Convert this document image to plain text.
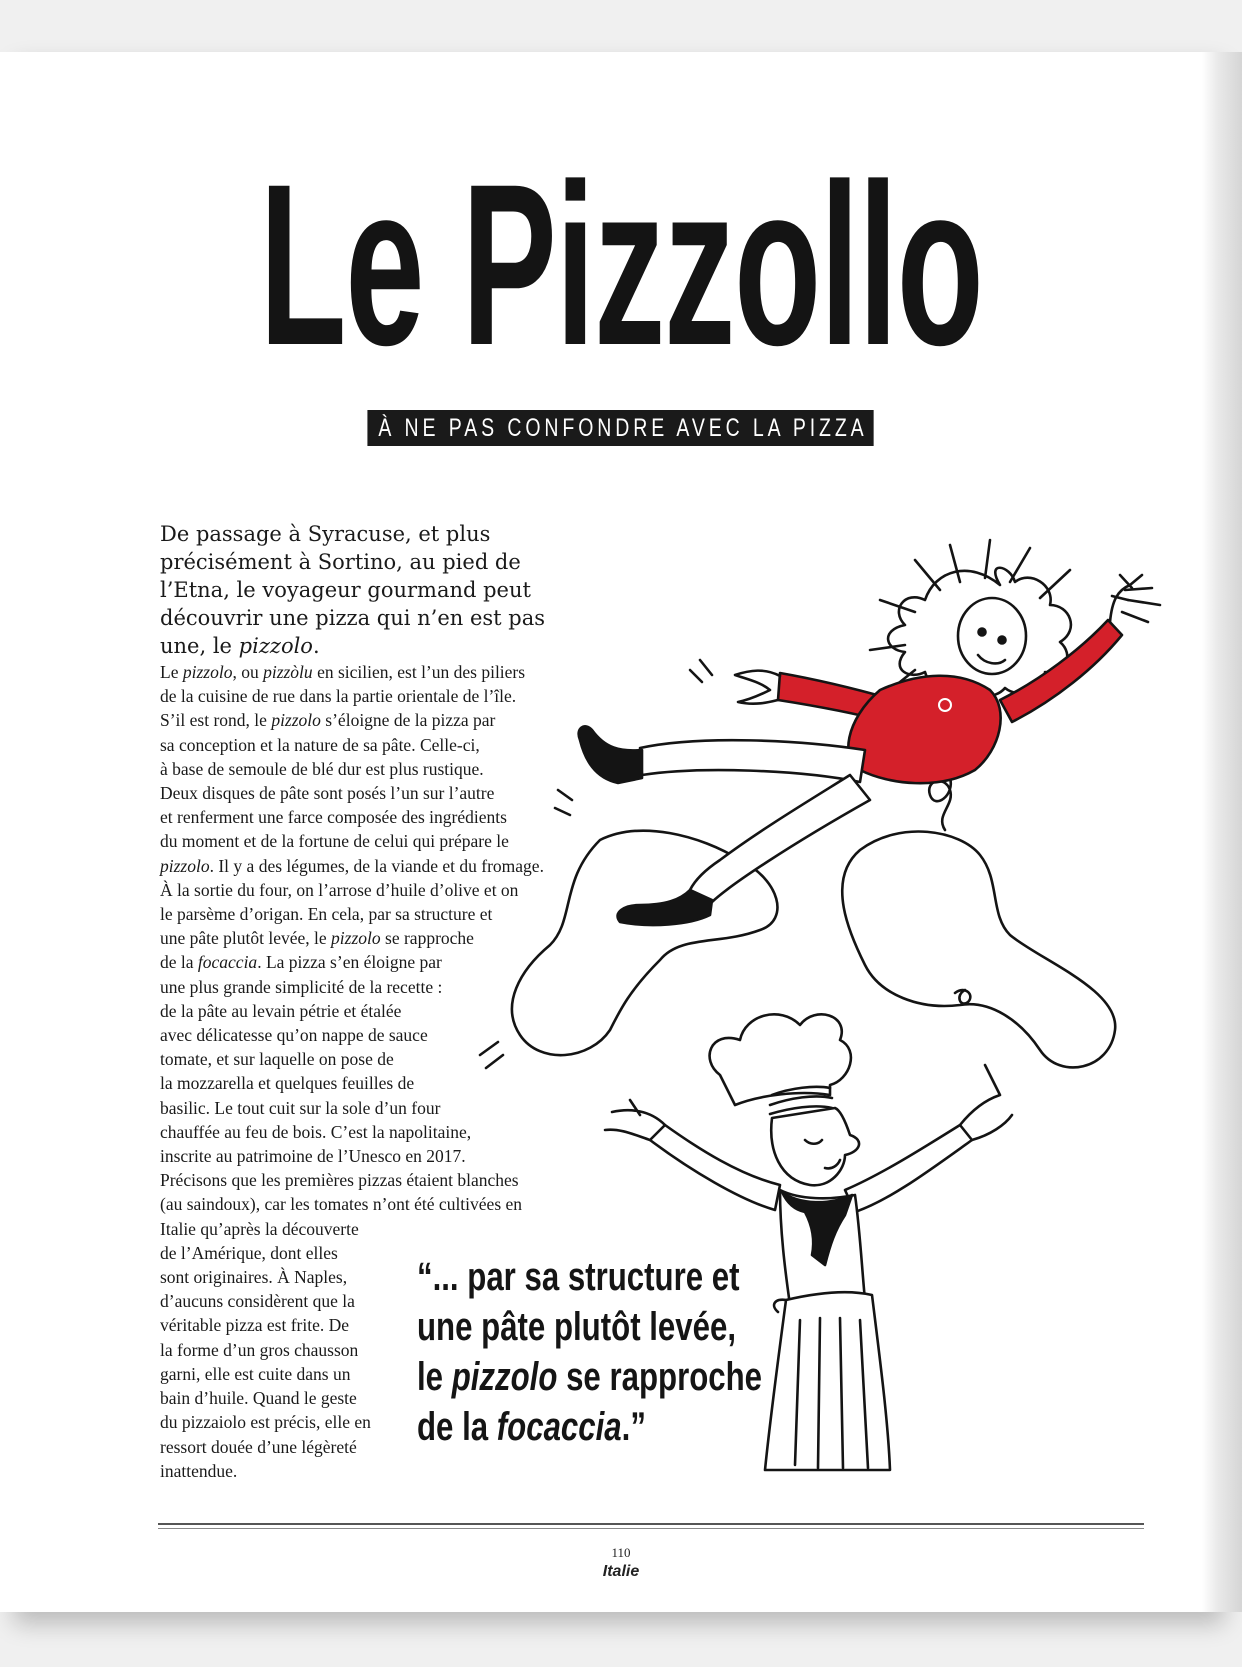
Le Pizzollo
À NE PAS CONFONDRE AVEC LA PIZZA

De passage à Syracuse, et plus précisément à Sortino, au pied de l’Etna, le voyageur gourmand peut découvrir une pizza qui n’en est pas une, le pizzolo.

Le pizzolo, ou pizzòlu en sicilien, est l’un des piliers
de la cuisine de rue dans la partie orientale de l’île.
S’il est rond, le pizzolo s’éloigne de la pizza par
sa conception et la nature de sa pâte. Celle-ci,
à base de semoule de blé dur est plus rustique.
Deux disques de pâte sont posés l’un sur l’autre
et renferment une farce composée des ingrédients
du moment et de la fortune de celui qui prépare le
pizzolo. Il y a des légumes, de la viande et du fromage.
À la sortie du four, on l’arrose d’huile d’olive et on
le parsème d’origan. En cela, par sa structure et
une pâte plutôt levée, le pizzolo se rapproche
de la focaccia. La pizza s’en éloigne par
une plus grande simplicité de la recette :
de la pâte au levain pétrie et étalée
avec délicatesse qu’on nappe de sauce
tomate, et sur laquelle on pose de
la mozzarella et quelques feuilles de
basilic. Le tout cuit sur la sole d’un four
chauffée au feu de bois. C’est la napolitaine,
inscrite au patrimoine de l’Unesco en 2017.
Précisons que les premières pizzas étaient blanches
(au saindoux), car les tomates n’ont été cultivées en
Italie qu’après la découverte
de l’Amérique, dont elles
sont originaires. À Naples,
d’aucuns considèrent que la
véritable pizza est frite. De
la forme d’un gros chausson
garni, elle est cuite dans un
bain d’huile. Quand le geste
du pizzaiolo est précis, elle en
ressort douée d’une légèreté
inattendue.
“... par sa structure et
une pâte plutôt levée,
le pizzolo se rapproche
de la focaccia.”
110
Italie
